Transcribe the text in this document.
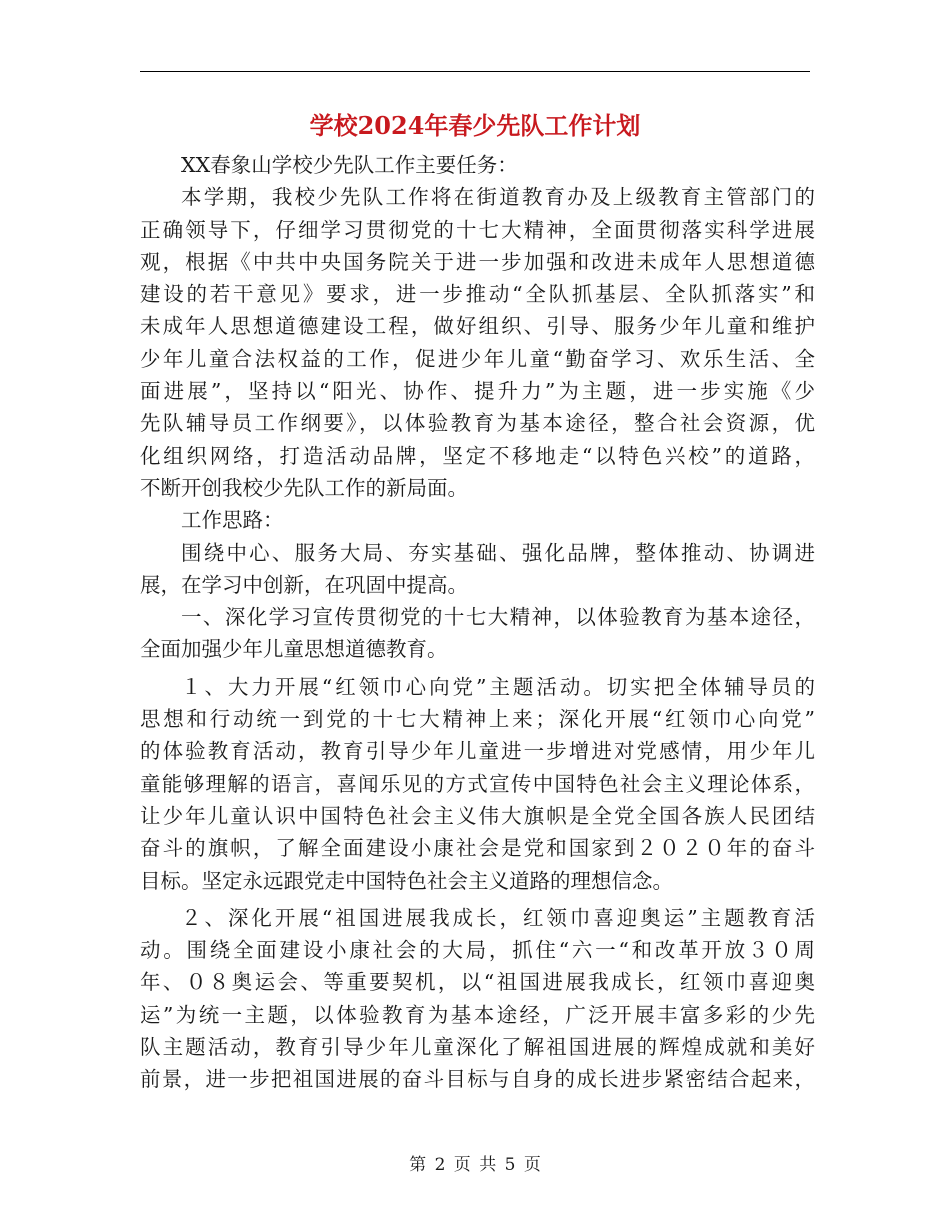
学校2024年春少先队工作计划
XX春象山学校少先队工作主要任务：
本学期，我校少先队工作将在街道教育办及上级教育主管部门的
正确领导下，仔细学习贯彻党的十七大精神，全面贯彻落实科学进展
观，根据《中共中央国务院关于进一步加强和改进未成年人思想道德
建设的若干意见》要求，进一步推动“全队抓基层、全队抓落实”和
未成年人思想道德建设工程，做好组织、引导、服务少年儿童和维护
少年儿童合法权益的工作，促进少年儿童“勤奋学习、欢乐生活、全
面进展”，坚持以“阳光、协作、提升力”为主题，进一步实施《少
先队辅导员工作纲要》，以体验教育为基本途径，整合社会资源，优
化组织网络，打造活动品牌，坚定不移地走“以特色兴校”的道路，
不断开创我校少先队工作的新局面。
工作思路：
围绕中心、服务大局、夯实基础、强化品牌，整体推动、协调进
展，在学习中创新，在巩固中提高。
一、深化学习宣传贯彻党的十七大精神，以体验教育为基本途径，
全面加强少年儿童思想道德教育。
１、大力开展“红领巾心向党”主题活动。切实把全体辅导员的
思想和行动统一到党的十七大精神上来；深化开展“红领巾心向党”
的体验教育活动，教育引导少年儿童进一步增进对党感情，用少年儿
童能够理解的语言，喜闻乐见的方式宣传中国特色社会主义理论体系，
让少年儿童认识中国特色社会主义伟大旗帜是全党全国各族人民团结
奋斗的旗帜，了解全面建设小康社会是党和国家到２０２０年的奋斗
目标。坚定永远跟党走中国特色社会主义道路的理想信念。
２、深化开展“祖国进展我成长，红领巾喜迎奥运”主题教育活
动。围绕全面建设小康社会的大局，抓住“六一“和改革开放３０周
年、０８奥运会、等重要契机，以“祖国进展我成长，红领巾喜迎奥
运”为统一主题，以体验教育为基本途经，广泛开展丰富多彩的少先
队主题活动，教育引导少年儿童深化了解祖国进展的辉煌成就和美好
前景，进一步把祖国进展的奋斗目标与自身的成长进步紧密结合起来，
第 2 页 共 5 页
